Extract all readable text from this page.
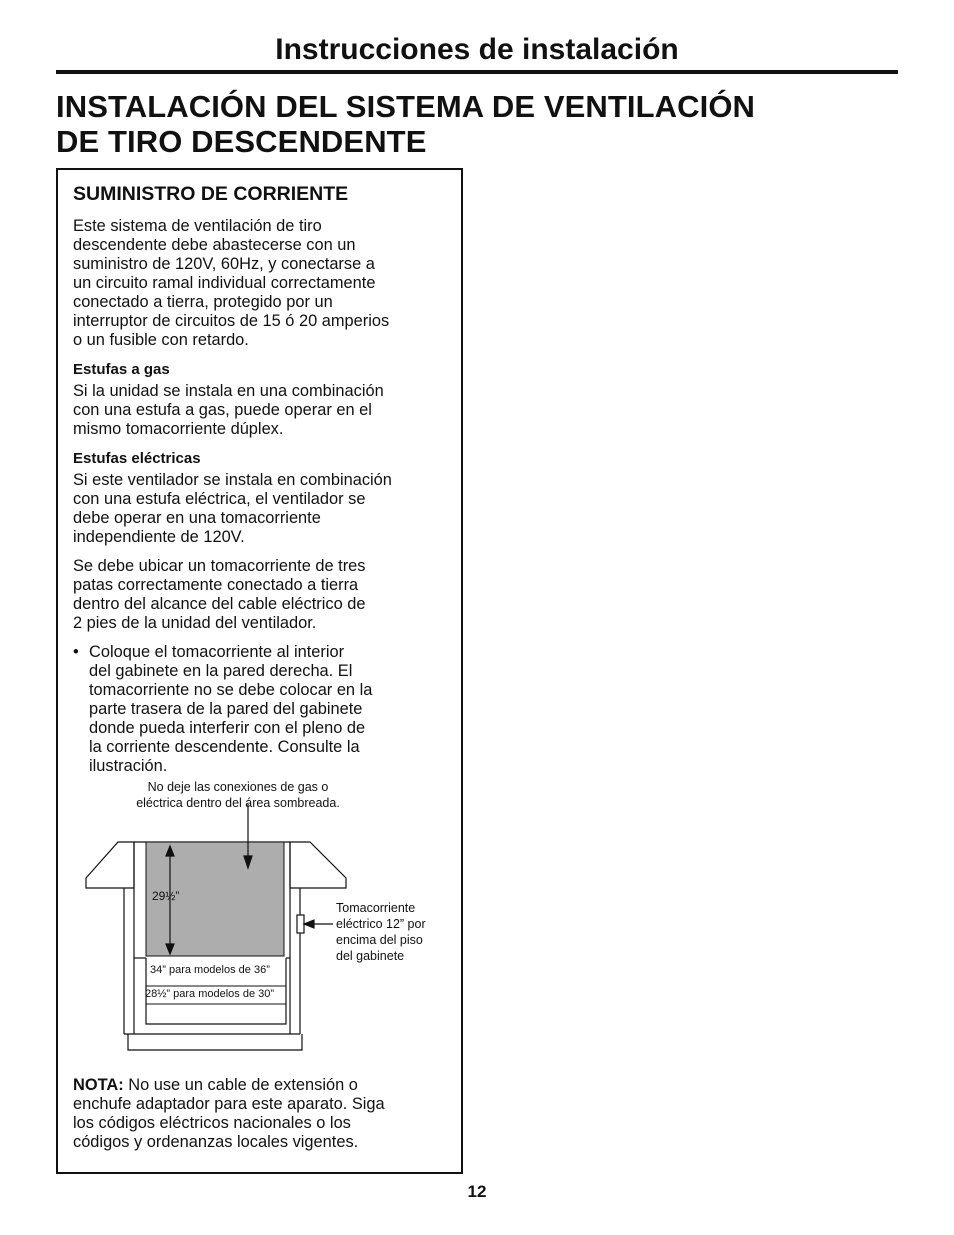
Instrucciones de instalación
INSTALACIÓN DEL SISTEMA DE VENTILACIÓN
DE TIRO DESCENDENTE
SUMINISTRO DE CORRIENTE

Este sistema de ventilación de tiro
descendente debe abastecerse con un
suministro de 120V, 60Hz, y conectarse a
un circuito ramal individual correctamente
conectado a tierra, protegido por un
interruptor de circuitos de 15 ó 20 amperios
o un fusible con retardo.

Estufas a gas

Si la unidad se instala en una combinación
con una estufa a gas, puede operar en el
mismo tomacorriente dúplex.

Estufas eléctricas

Si este ventilador se instala en combinación
con una estufa eléctrica, el ventilador se
debe operar en una tomacorriente
independiente de 120V.

Se debe ubicar un tomacorriente de tres
patas correctamente conectado a tierra
dentro del alcance del cable eléctrico de
2 pies de la unidad del ventilador.

• Coloque el tomacorriente al interior
del gabinete en la pared derecha. El
tomacorriente no se debe colocar en la
parte trasera de la pared del gabinete
donde pueda interferir con el pleno de
la corriente descendente. Consulte la
ilustración.
No deje las conexiones de gas o
eléctrica dentro del área sombreada.
29½”
Tomacorriente
eléctrico 12” por
encima del piso
del gabinete
34” para modelos de 36”
28½” para modelos de 30”

NOTA: No use un cable de extensión o
enchufe adaptador para este aparato. Siga
los códigos eléctricos nacionales o los
códigos y ordenanzas locales vigentes.

12
